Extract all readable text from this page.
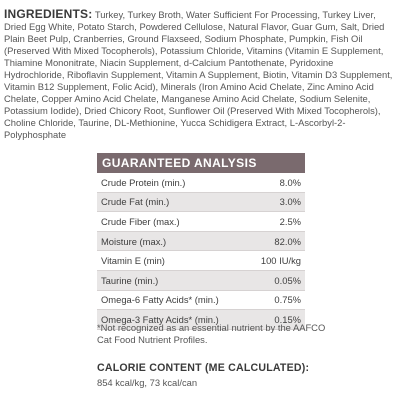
INGREDIENTS: Turkey, Turkey Broth, Water Sufficient For Processing, Turkey Liver, Dried Egg White, Potato Starch, Powdered Cellulose, Natural Flavor, Guar Gum, Salt, Dried Plain Beet Pulp, Cranberries, Ground Flaxseed, Sodium Phosphate, Pumpkin, Fish Oil (Preserved With Mixed Tocopherols), Potassium Chloride, Vitamins (Vitamin E Supplement, Thiamine Mononitrate, Niacin Supplement, d-Calcium Pantothenate, Pyridoxine Hydrochloride, Riboflavin Supplement, Vitamin A Supplement, Biotin, Vitamin D3 Supplement, Vitamin B12 Supplement, Folic Acid), Minerals (Iron Amino Acid Chelate, Zinc Amino Acid Chelate, Copper Amino Acid Chelate, Manganese Amino Acid Chelate, Sodium Selenite, Potassium Iodide), Dried Chicory Root, Sunflower Oil (Preserved With Mixed Tocopherols), Choline Chloride, Taurine, DL-Methionine, Yucca Schidigera Extract, L-Ascorbyl-2-Polyphosphate
GUARANTEED ANALYSIS
Crude Protein (min.)	8.0%
Crude Fat (min.)	3.0%
Crude Fiber (max.)	2.5%
Moisture (max.)	82.0%
Vitamin E (min)	100 IU/kg
Taurine (min.)	0.05%
Omega-6 Fatty Acids* (min.)	0.75%
Omega-3 Fatty Acids* (min.)	0.15%
*Not recognized as an essential nutrient by the AAFCO Cat Food Nutrient Profiles.
CALORIE CONTENT (ME CALCULATED):
854 kcal/kg, 73 kcal/can
